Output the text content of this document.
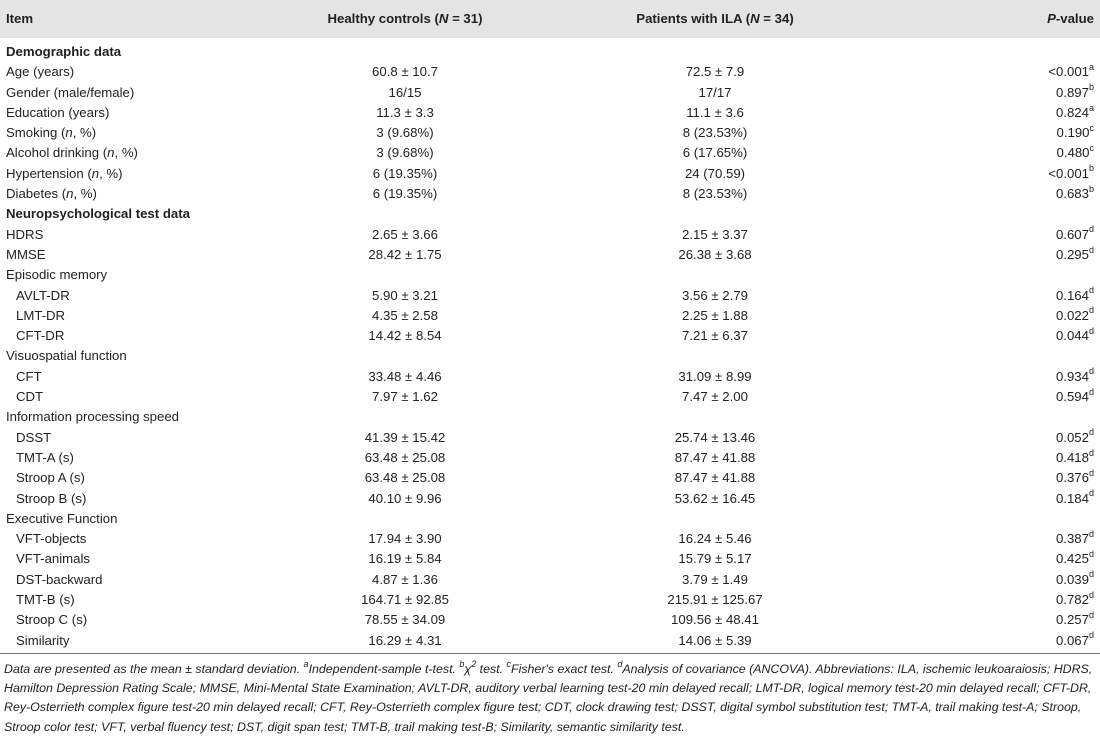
Item	Healthy controls (N = 31)	Patients with ILA (N = 34)	P-value
Demographic data			
Age (years)	60.8 ± 10.7	72.5 ± 7.9	<0.001$^a$
Gender (male/female)	16/15	17/17	0.897$^b$
Education (years)	11.3 ± 3.3	11.1 ± 3.6	0.824$^a$
Smoking (n, %)	3 (9.68%)	8 (23.53%)	0.190$^c$
Alcohol drinking (n, %)	3 (9.68%)	6 (17.65%)	0.480$^c$
Hypertension (n, %)	6 (19.35%)	24 (70.59)	<0.001$^b$
Diabetes (n, %)	6 (19.35%)	8 (23.53%)	0.683$^b$
Neuropsychological test data			
HDRS	2.65 ± 3.66	2.15 ± 3.37	0.607$^d$
MMSE	28.42 ± 1.75	26.38 ± 3.68	0.295$^d$
Episodic memory			
AVLT-DR	5.90 ± 3.21	3.56 ± 2.79	0.164$^d$
LMT-DR	4.35 ± 2.58	2.25 ± 1.88	0.022$^d$
CFT-DR	14.42 ± 8.54	7.21 ± 6.37	0.044$^d$
Visuospatial function			
CFT	33.48 ± 4.46	31.09 ± 8.99	0.934$^d$
CDT	7.97 ± 1.62	7.47 ± 2.00	0.594$^d$
Information processing speed			
DSST	41.39 ± 15.42	25.74 ± 13.46	0.052$^d$
TMT-A (s)	63.48 ± 25.08	87.47 ± 41.88	0.418$^d$
Stroop A (s)	63.48 ± 25.08	87.47 ± 41.88	0.376$^d$
Stroop B (s)	40.10 ± 9.96	53.62 ± 16.45	0.184$^d$
Executive Function			
VFT-objects	17.94 ± 3.90	16.24 ± 5.46	0.387$^d$
VFT-animals	16.19 ± 5.84	15.79 ± 5.17	0.425$^d$
DST-backward	4.87 ± 1.36	3.79 ± 1.49	0.039$^d$
TMT-B (s)	164.71 ± 92.85	215.91 ± 125.67	0.782$^d$
Stroop C (s)	78.55 ± 34.09	109.56 ± 48.41	0.257$^d$
Similarity	16.29 ± 4.31	14.06 ± 5.39	0.067$^d$
Data are presented as the mean ± standard deviation. $^a$Independent-sample t-test. $^b\chi^2$ test. $^c$Fisher's exact test. $^d$Analysis of covariance (ANCOVA). Abbreviations: ILA, ischemic leukoaraiosis; HDRS, Hamilton Depression Rating Scale; MMSE, Mini-Mental State Examination; AVLT-DR, auditory verbal learning test-20 min delayed recall; LMT-DR, logical memory test-20 min delayed recall; CFT-DR, Rey-Osterrieth complex figure test-20 min delayed recall; CFT, Rey-Osterrieth complex figure test; CDT, clock drawing test; DSST, digital symbol substitution test; TMT-A, trail making test-A; Stroop, Stroop color test; VFT, verbal fluency test; DST, digit span test; TMT-B, trail making test-B; Similarity, semantic similarity test.
